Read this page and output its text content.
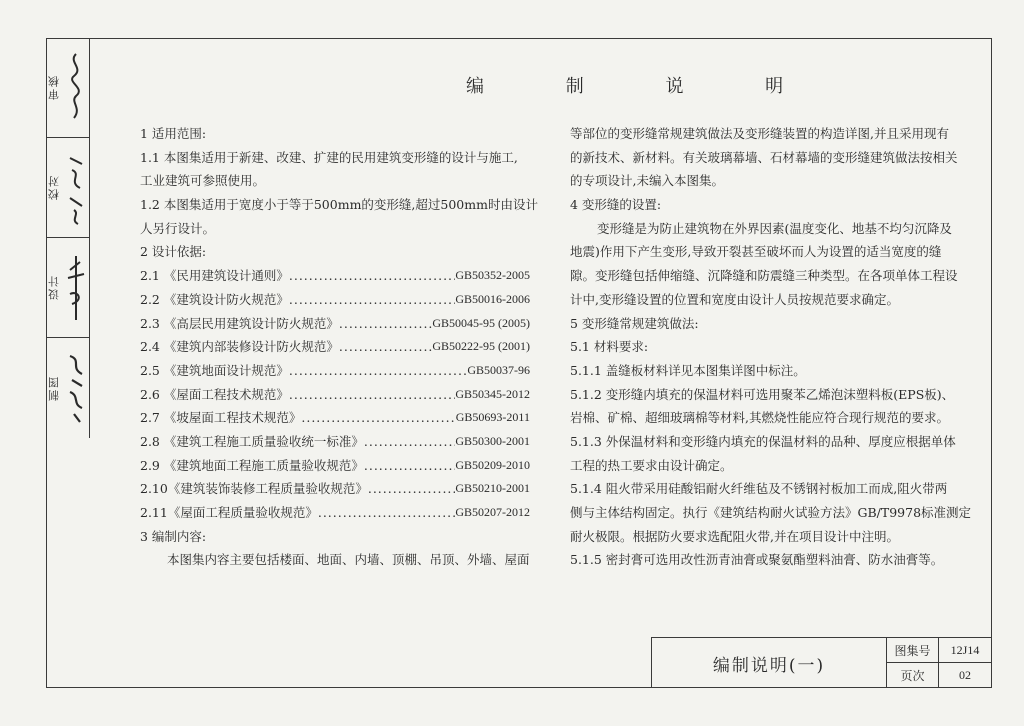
审核
校对
设计
制图
编 制 说 明
1 适用范围:
1.1 本图集适用于新建、改建、扩建的民用建筑变形缝的设计与施工,
工业建筑可参照使用。
1.2 本图集适用于宽度小于等于500mm的变形缝,超过500mm时由设计
人另行设计。
2 设计依据:
2.1
《民用建筑设计通则》 .....	GB50352-2005
2.2
《建筑设计防火规范》 .....	GB50016-2006
2.3
《高层民用建筑设计防火规范》 .....	GB50045-95 (2005)
2.4
《建筑内部装修设计防火规范》 .....	GB50222-95 (2001)
2.5
《建筑地面设计规范》 .....	GB50037-96
2.6
《屋面工程技术规范》 .....	GB50345-2012
2.7
《坡屋面工程技术规范》 .....	GB50693-2011
2.8
《建筑工程施工质量验收统一标准》 .....	GB50300-2001
2.9
《建筑地面工程施工质量验收规范》 .....	GB50209-2010
2.10 《建筑装饰装修工程质量验收规范》 .....	GB50210-2001
2.11 《屋面工程质量验收规范》 .....	GB50207-2012
3 编制内容:
本图集内容主要包括楼面、地面、内墙、顶棚、吊顶、外墙、屋面
等部位的变形缝常规建筑做法及变形缝装置的构造详图,并且采用现有
的新技术、新材料。有关玻璃幕墙、石材幕墙的变形缝建筑做法按相关
的专项设计,未编入本图集。
4 变形缝的设置:
变形缝是为防止建筑物在外界因素(温度变化、地基不均匀沉降及
地震)作用下产生变形,导致开裂甚至破坏而人为设置的适当宽度的缝
隙。变形缝包括伸缩缝、沉降缝和防震缝三种类型。在各项单体工程设
计中,变形缝设置的位置和宽度由设计人员按规范要求确定。
5 变形缝常规建筑做法:
5.1 材料要求:
5.1.1 盖缝板材料详见本图集详图中标注。
5.1.2 变形缝内填充的保温材料可选用聚苯乙烯泡沫塑料板(EPS板)、
岩棉、矿棉、超细玻璃棉等材料,其燃烧性能应符合现行规范的要求。
5.1.3 外保温材料和变形缝内填充的保温材料的品种、厚度应根据单体
工程的热工要求由设计确定。
5.1.4 阻火带采用硅酸铝耐火纤维毡及不锈钢衬板加工而成,阻火带两
侧与主体结构固定。执行《建筑结构耐火试验方法》GB/T9978标准测定
耐火极限。根据防火要求选配阻火带,并在项目设计中注明。
5.1.5 密封膏可选用改性沥青油膏或聚氨酯塑料油膏、防水油膏等。
编制说明(一)
图集号	12J14
页次	02
